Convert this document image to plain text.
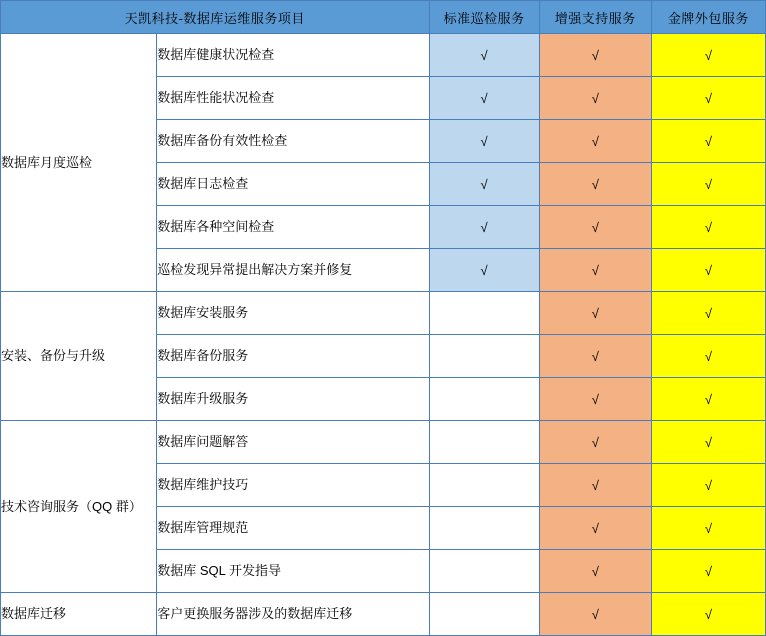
天凯科技-数据库运维服务项目		标准巡检服务	增强支持服务	金牌外包服务
数据库月度巡检	数据库健康状况检查	√	√	√
	数据库性能状况检查	√	√	√
	数据库备份有效性检查	√	√	√
	数据库日志检查	√	√	√
	数据库各种空间检查	√	√	√
	巡检发现异常提出解决方案并修复	√	√	√
安装、备份与升级	数据库安装服务		√	√
	数据库备份服务		√	√
	数据库升级服务		√	√
技术咨询服务（QQ 群）	数据库问题解答		√	√
	数据库维护技巧		√	√
	数据库管理规范		√	√
	数据库 SQL 开发指导		√	√
数据库迁移	客户更换服务器涉及的数据库迁移		√	√
